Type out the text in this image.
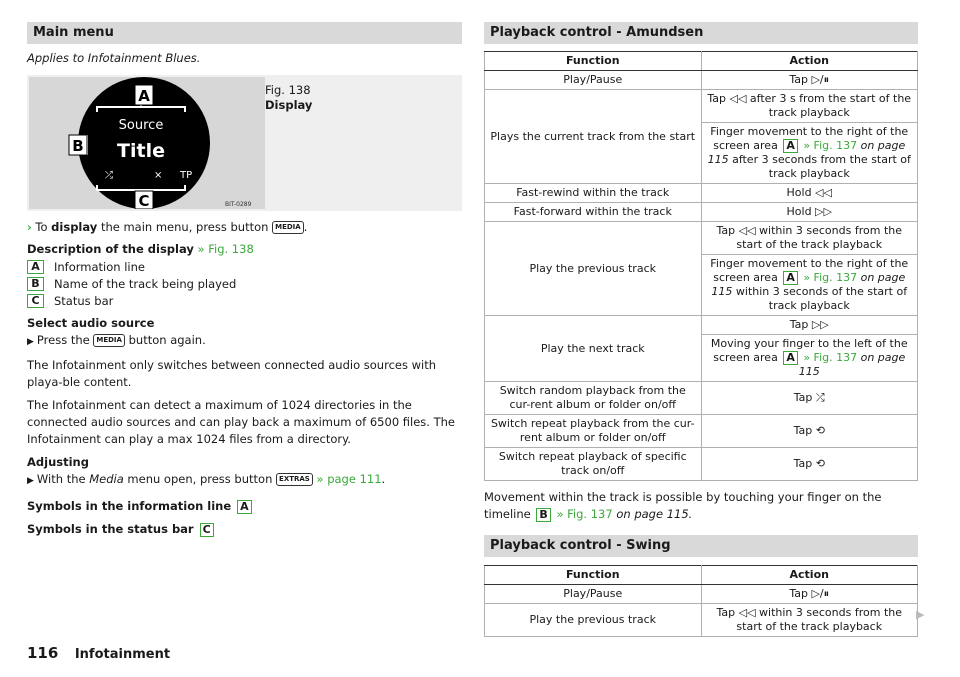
Main menu

Applies to Infotainment Blues.

Source
Title
⤮	⨯ TP
A
B
C	BIT-0289
Fig. 138
Display

› To display the main menu, press button MEDIA .

Description of the display » Fig. 138

A	Information line
B	Name of the track being played
C	Status bar

Select audio source

▶ Press the MEDIA button again.

The Infotainment only switches between connected audio sources with playa-ble content.

The Infotainment can detect a maximum of 1024 directories in the connected audio sources and can play back a maximum of 6500 files. The Infotainment can play a max 1024 files from a directory.

Adjusting

▶ With the Media menu open, press button EXTRAS » page 111.

Symbols in the information line A

Symbols in the status bar C

Playback control - Amundsen
Function	Action
Play/Pause	Tap ▷/⏸
Plays the current track from the start	Tap ◁◁ after 3 s from the start of the track playback
	Finger movement to the right of the screen area A » Fig. 137 on page 115 after 3 seconds from the start of track playback
Fast-rewind within the track	Hold ◁◁
Fast-forward within the track	Hold ▷▷
Play the previous track	Tap ◁◁ within 3 seconds from the start of the track playback
	Finger movement to the right of the screen area A » Fig. 137 on page 115 within 3 seconds of the start of track playback
Play the next track	Tap ▷▷
	Moving your finger to the left of the screen area A » Fig. 137 on page 115
Switch random playback from the cur-rent album or folder on/off	Tap ⤮
Switch repeat playback from the cur-rent album or folder on/off	Tap ⟲
Switch repeat playback of specific track on/off	Tap ⟲

Movement within the track is possible by touching your finger on the timeline B » Fig. 137 on page 115.

Playback control - Swing
Function	Action
Play/Pause	Tap ▷/⏸
Play the previous track	Tap ◁◁ within 3 seconds from the start of the track playback
▶
116 Infotainment
